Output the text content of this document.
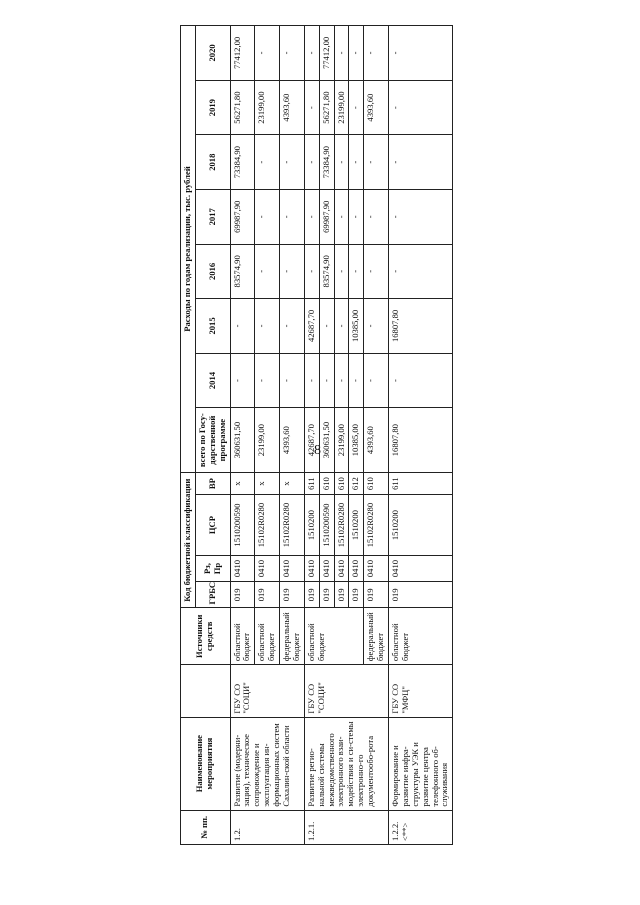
8
№ пп.	Наименование мероприятия		Источники средств	Код бюджетной классификации				Расходы по годам реализации, тыс. рублей							
				ГРБС	Рз, Пр	ЦСР	ВР	всего по Госу-дарственной программе	2014	2015	2016	2017	2018	2019	2020
1.2.	Развитие (модерни-зация), техническое сопровождение и эксплуатация ин-формационных систем Сахалин-ской области	ГБУ СО "СОЦИ"	областной бюджет	019	0410	1510200590	х	360631,50	-	-	83574,90	69987,90	73384,90	56271,80	77412,00
			областной бюджет	019	0410	15102R0280	х	23199,00	-	-	-	-	-	23199,00	-
			федеральный бюджет	019	0410	15102R0280	х	4393,60	-	-	-	-	-	4393,60	-
1.2.1.	Развитие регио-нальной системы межведомственного электронного взаи-модействия и си-стемы электронно-го документообо-рота	ГБУ СО "СОЦИ"	областной бюджет	019	0410	1510200	611	42687,70	-	42687,70	-	-	-	-	-
				019	0410	1510200590	610	360631,50	-	-	83574,90	69987,90	73384,90	56271,80	77412,00
				019	0410	15102R0280	610	23199,00	-	-	-	-	-	23199,00	-
				019	0410	1510200	612	10385,00	-	10385,00	-	-	-	-	-
			федеральный бюджет	019	0410	15102R0280	610	4393,60	-	-	-	-	-	4393,60	-
1.2.2. <**>	Формирование и развитие инфра-структуры УЭК и развитие центра телефонного об-служивания	ГБУ СО "МФЦ"	областной бюджет	019	0410	1510200	611	16807,80	-	16807,80	-	-	-	-	-
